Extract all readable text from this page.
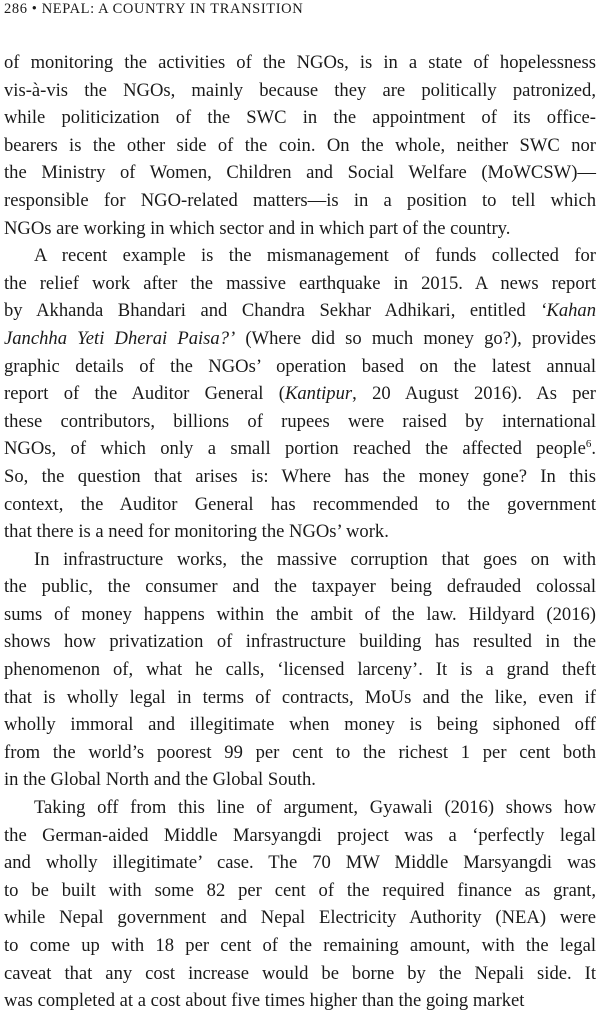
286 • NEPAL: A COUNTRY IN TRANSITION
of monitoring the activities of the NGOs, is in a state of hopelessness
vis-à-vis the NGOs, mainly because they are politically patronized,
while politicization of the SWC in the appointment of its office-
bearers is the other side of the coin. On the whole, neither SWC nor
the Ministry of Women, Children and Social Welfare (MoWCSW)—
responsible for NGO-related matters—is in a position to tell which
NGOs are working in which sector and in which part of the country.
A recent example is the mismanagement of funds collected for
the relief work after the massive earthquake in 2015. A news report
by Akhanda Bhandari and Chandra Sekhar Adhikari, entitled ‘Kahan
Janchha Yeti Dherai Paisa?’ (Where did so much money go?), provides
graphic details of the NGOs’ operation based on the latest annual
report of the Auditor General (Kantipur, 20 August 2016). As per
these contributors, billions of rupees were raised by international
NGOs, of which only a small portion reached the affected people$^6$.
So, the question that arises is: Where has the money gone? In this
context, the Auditor General has recommended to the government
that there is a need for monitoring the NGOs’ work.
In infrastructure works, the massive corruption that goes on with
the public, the consumer and the taxpayer being defrauded colossal
sums of money happens within the ambit of the law. Hildyard (2016)
shows how privatization of infrastructure building has resulted in the
phenomenon of, what he calls, ‘licensed larceny’. It is a grand theft
that is wholly legal in terms of contracts, MoUs and the like, even if
wholly immoral and illegitimate when money is being siphoned off
from the world’s poorest 99 per cent to the richest 1 per cent both
in the Global North and the Global South.
Taking off from this line of argument, Gyawali (2016) shows how
the German-aided Middle Marsyangdi project was a ‘perfectly legal
and wholly illegitimate’ case. The 70 MW Middle Marsyangdi was
to be built with some 82 per cent of the required finance as grant,
while Nepal government and Nepal Electricity Authority (NEA) were
to come up with 18 per cent of the remaining amount, with the legal
caveat that any cost increase would be borne by the Nepali side. It
was completed at a cost about five times higher than the going market
